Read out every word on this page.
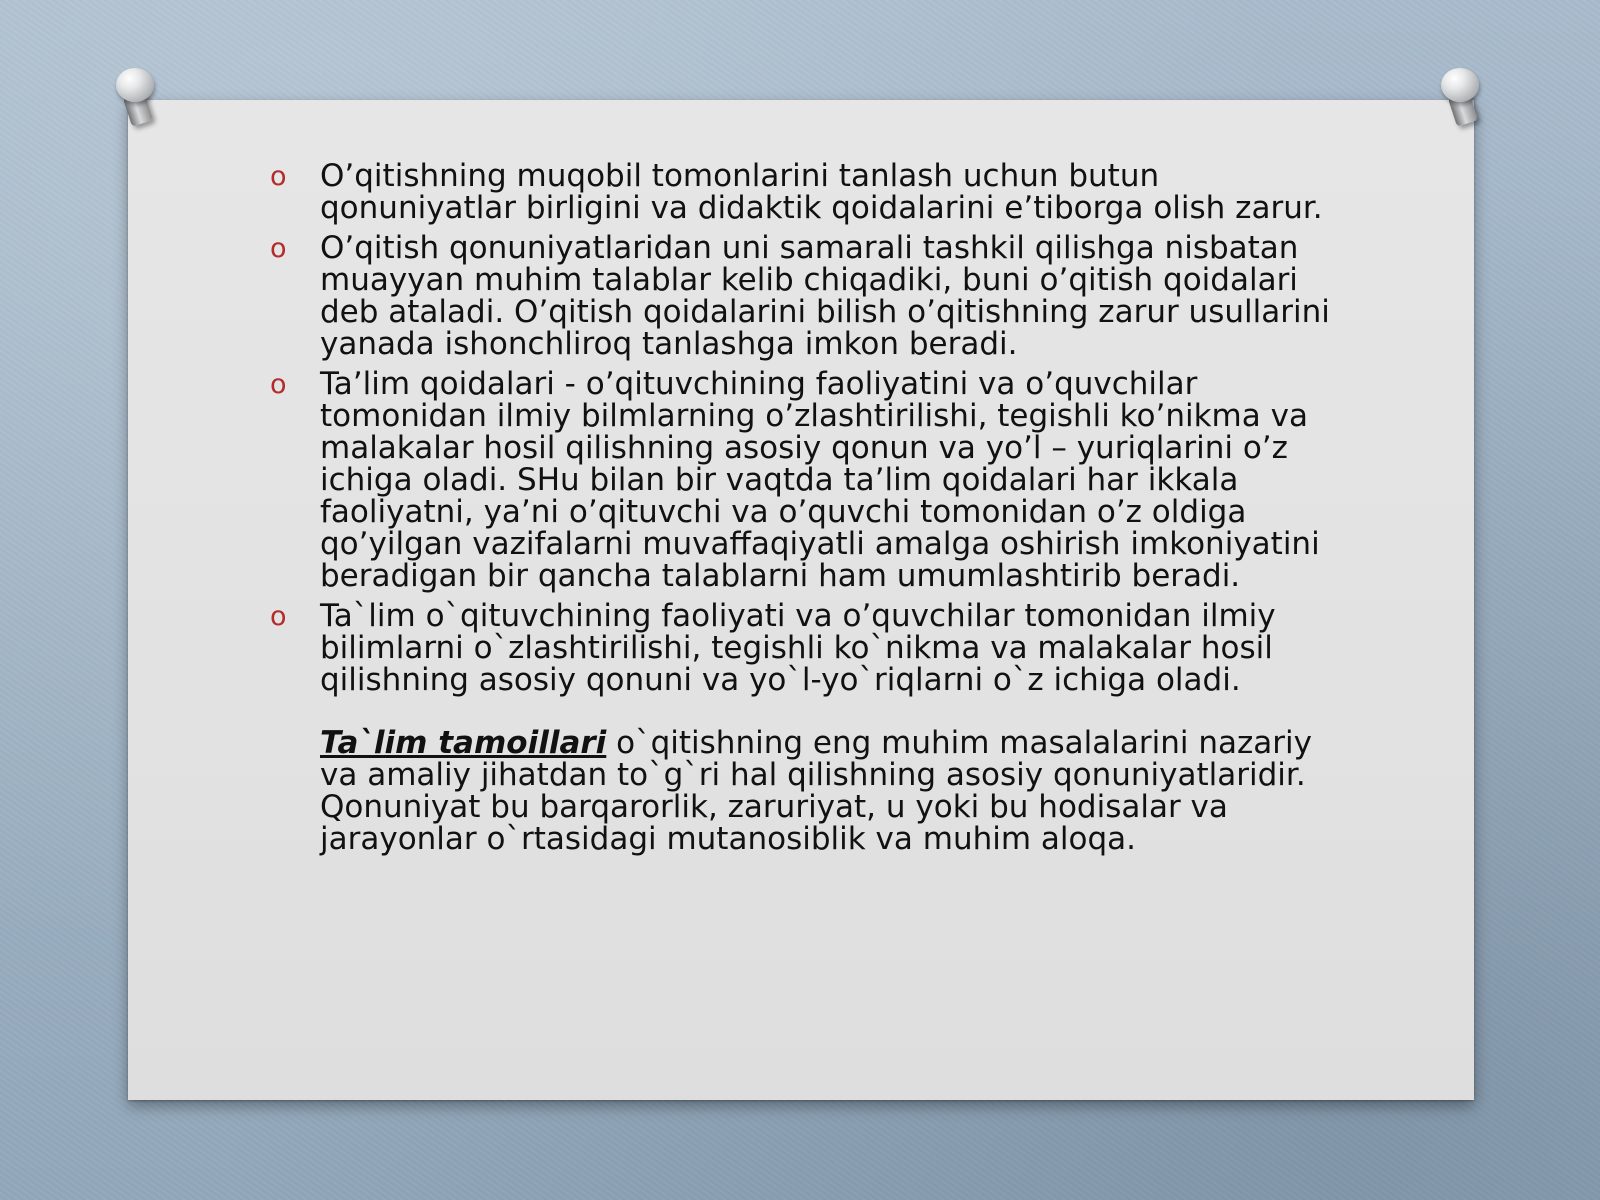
o O’qitishning muqobil tomonlarini tanlash uchun butun qonuniyatlar birligini va didaktik qoidalarini e’tiborga olish zarur.
o O’qitish qonuniyatlaridan uni samarali tashkil qilishga nisbatan muayyan muhim talablar kelib chiqadiki, buni o’qitish qoidalari deb ataladi. O’qitish qoidalarini bilish o’qitishning zarur usullarini yanada ishonchliroq tanlashga imkon beradi.
o Ta’lim qoidalari - o’qituvchining faoliyatini va o’quvchilar tomonidan ilmiy bilmlarning o’zlashtirilishi, tegishli ko’nikma va malakalar hosil qilishning asosiy qonun va yo’l – yuriqlarini o’z ichiga oladi. SHu bilan bir vaqtda ta’lim qoidalari har ikkala faoliyatni, ya’ni o’qituvchi va o’quvchi tomonidan o’z oldiga qo’yilgan vazifalarni muvaffaqiyatli amalga oshirish imkoniyatini beradigan bir qancha talablarni ham umumlashtirib beradi.
o Ta`lim o`qituvchining faoliyati va o’quvchilar tomonidan ilmiy bilimlarni o`zlashtirilishi, tegishli ko`nikma va malakalar hosil qilishning asosiy qonuni va yo`l-yo`riqlarni o`z ichiga oladi.
Ta`lim tamoillari o`qitishning eng muhim masalalarini nazariy va amaliy jihatdan to`g`ri hal qilishning asosiy qonuniyatlaridir. Qonuniyat bu barqarorlik, zaruriyat, u yoki bu hodisalar va jarayonlar o`rtasidagi mutanosiblik va muhim aloqa.
